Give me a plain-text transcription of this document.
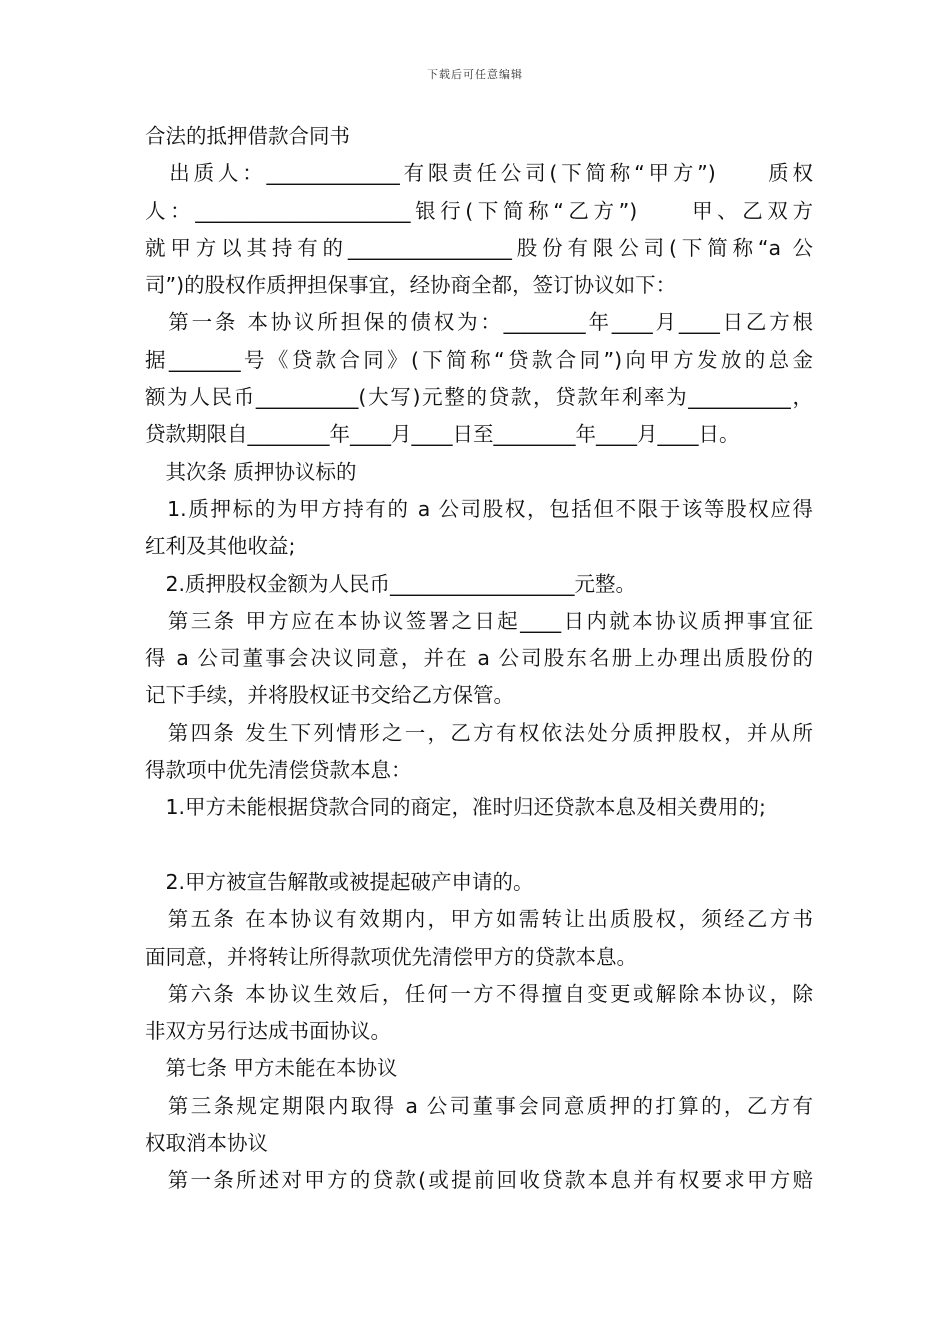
下载后可任意编辑

合法的抵押借款合同书

　出质人：_____________有限责任公司(下简称“甲方”)　　质权

人：_____________________银行(下简称“乙方”)　　甲、乙双方

就甲方以其持有的________________股份有限公司(下简称“a 公

司”)的股权作质押担保事宜，经协商全都，签订协议如下：

　第一条 本协议所担保的债权为：________年____月____日乙方根

据_______号《贷款合同》(下简称“贷款合同”)向甲方发放的总金

额为人民币__________(大写)元整的贷款，贷款年利率为__________，

贷款期限自________年____月____日至________年____月____日。

　其次条 质押协议标的

　1.质押标的为甲方持有的 a 公司股权，包括但不限于该等股权应得

红利及其他收益;

　2.质押股权金额为人民币__________________元整。

　第三条 甲方应在本协议签署之日起____日内就本协议质押事宜征

得 a 公司董事会决议同意，并在 a 公司股东名册上办理出质股份的

记下手续，并将股权证书交给乙方保管。

　第四条 发生下列情形之一，乙方有权依法处分质押股权，并从所

得款项中优先清偿贷款本息：

　1.甲方未能根据贷款合同的商定，准时归还贷款本息及相关费用的;

　2.甲方被宣告解散或被提起破产申请的。

　第五条 在本协议有效期内，甲方如需转让出质股权，须经乙方书

面同意，并将转让所得款项优先清偿甲方的贷款本息。

　第六条 本协议生效后，任何一方不得擅自变更或解除本协议，除

非双方另行达成书面协议。

　第七条 甲方未能在本协议

　第三条规定期限内取得 a 公司董事会同意质押的打算的，乙方有

权取消本协议

　第一条所述对甲方的贷款(或提前回收贷款本息并有权要求甲方赔
